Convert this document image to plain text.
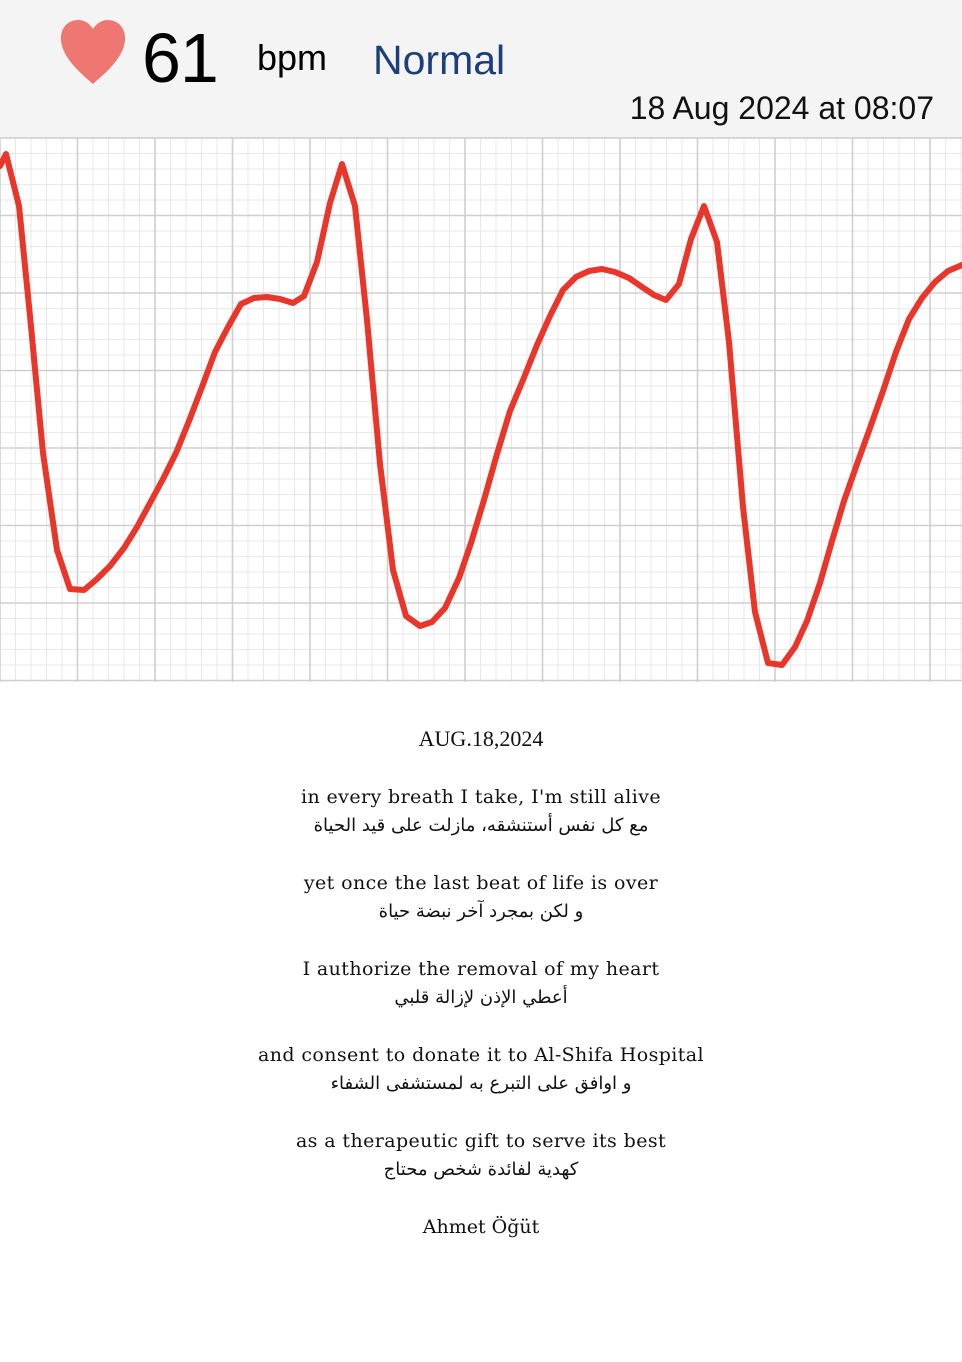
61 bpm Normal
18 Aug 2024 at 08:07
AUG.18,2024
in every breath I take, I'm still alive
مع كل نفس أستنشقه، مازلت على قيد الحياة
yet once the last beat of life is over
و لكن بمجرد آخر نبضة حياة
I authorize the removal of my heart
أعطي الإذن لإزالة قلبي
and consent to donate it to Al-Shifa Hospital
و اوافق على التبرع به لمستشفى الشفاء
as a therapeutic gift to serve its best
كهدية لفائدة شخص محتاج
Ahmet Öğüt
